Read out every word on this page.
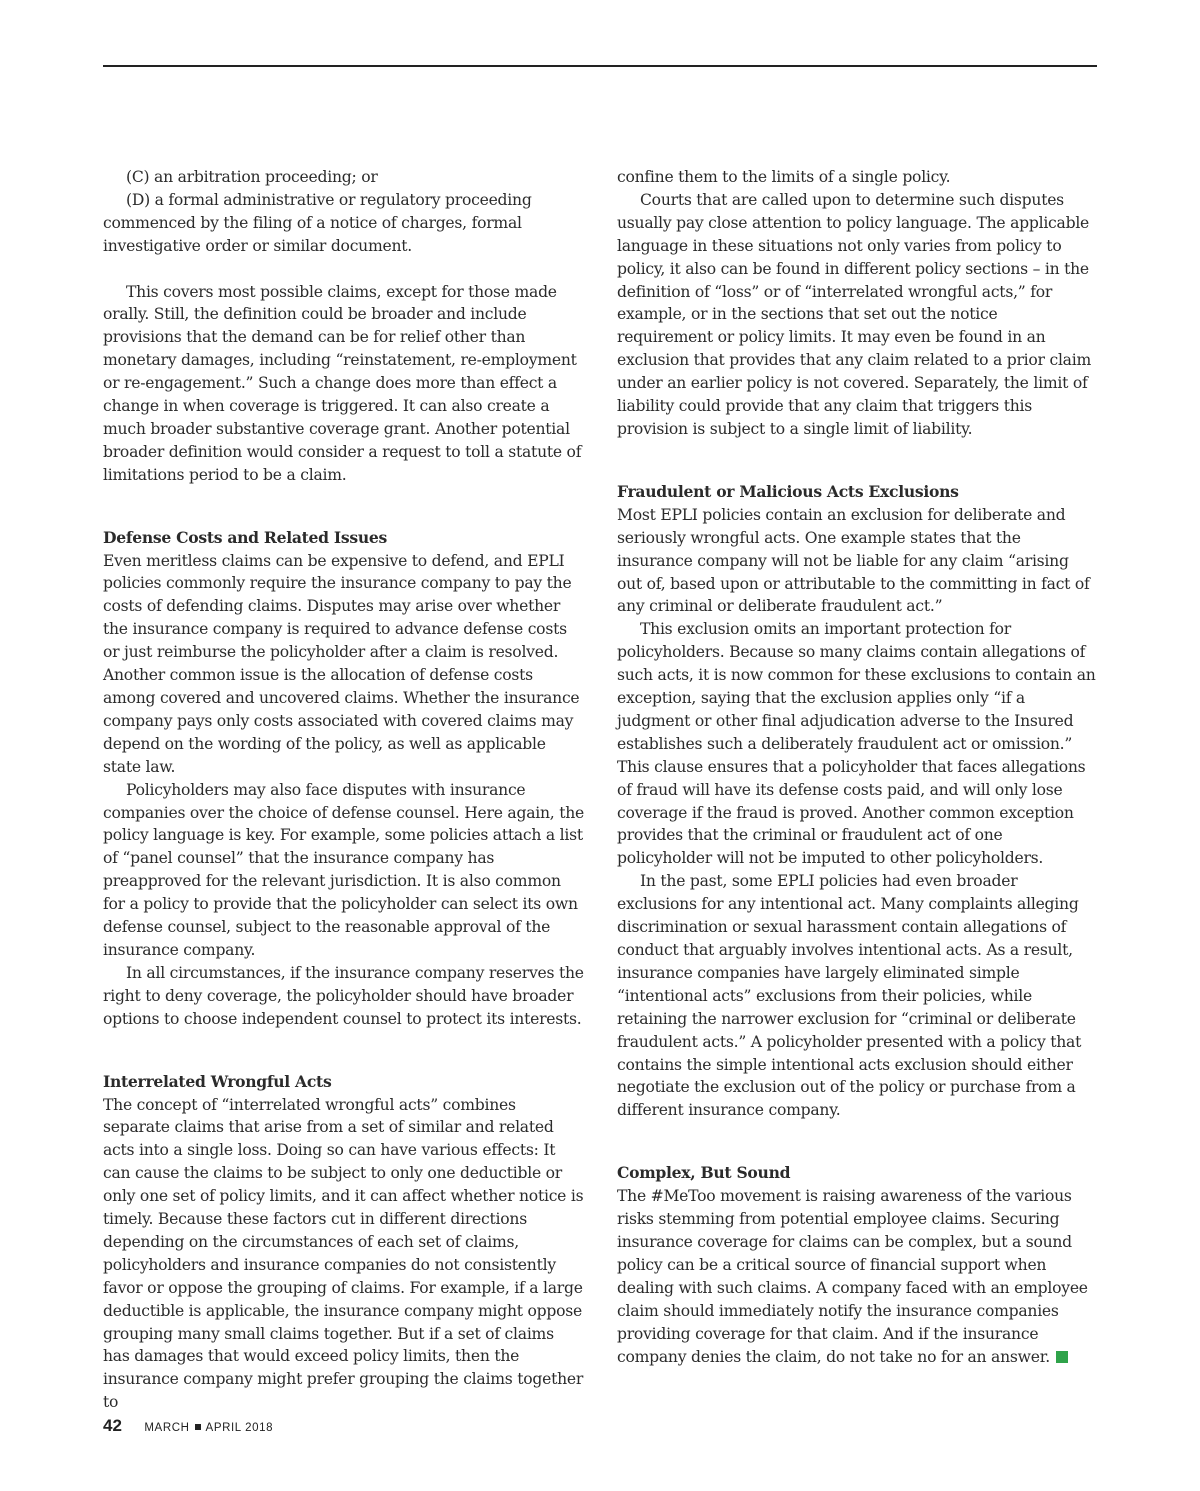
(C) an arbitration proceeding; or

(D) a formal administrative or regulatory proceeding commenced by the filing of a notice of charges, formal investigative order or similar document.

This covers most possible claims, except for those made orally. Still, the definition could be broader and include provisions that the demand can be for relief other than monetary damages, including “reinstatement, re-employment or re-engagement.” Such a change does more than effect a change in when coverage is triggered. It can also create a much broader substantive coverage grant. Another potential broader definition would consider a request to toll a statute of limitations period to be a claim.

Defense Costs and Related Issues

Even meritless claims can be expensive to defend, and EPLI policies commonly require the insurance company to pay the costs of defending claims. Disputes may arise over whether the insurance company is required to advance defense costs or just reimburse the policyholder after a claim is resolved. Another common issue is the allocation of defense costs among covered and uncovered claims. Whether the insurance company pays only costs associated with covered claims may depend on the wording of the policy, as well as applicable state law.

Policyholders may also face disputes with insurance companies over the choice of defense counsel. Here again, the policy language is key. For example, some policies attach a list of “panel counsel” that the insurance company has preapproved for the relevant jurisdiction. It is also common for a policy to provide that the policyholder can select its own defense counsel, subject to the reasonable approval of the insurance company.

In all circumstances, if the insurance company reserves the right to deny coverage, the policyholder should have broader options to choose independent counsel to protect its interests.

Interrelated Wrongful Acts

The concept of “interrelated wrongful acts” combines separate claims that arise from a set of similar and related acts into a single loss. Doing so can have various effects: It can cause the claims to be subject to only one deductible or only one set of policy limits, and it can affect whether notice is timely. Because these factors cut in different directions depending on the circumstances of each set of claims, policyholders and insurance companies do not consistently favor or oppose the grouping of claims. For example, if a large deductible is applicable, the insurance company might oppose grouping many small claims together. But if a set of claims has damages that would exceed policy limits, then the insurance company might prefer grouping the claims together to

confine them to the limits of a single policy.

Courts that are called upon to determine such disputes usually pay close attention to policy language. The applicable language in these situations not only varies from policy to policy, it also can be found in different policy sections – in the definition of “loss” or of “interrelated wrongful acts,” for example, or in the sections that set out the notice requirement or policy limits. It may even be found in an exclusion that provides that any claim related to a prior claim under an earlier policy is not covered. Separately, the limit of liability could provide that any claim that triggers this provision is subject to a single limit of liability.

Fraudulent or Malicious Acts Exclusions

Most EPLI policies contain an exclusion for deliberate and seriously wrongful acts. One example states that the insurance company will not be liable for any claim “arising out of, based upon or attributable to the committing in fact of any criminal or deliberate fraudulent act.”

This exclusion omits an important protection for policyholders. Because so many claims contain allegations of such acts, it is now common for these exclusions to contain an exception, saying that the exclusion applies only “if a judgment or other final adjudication adverse to the Insured establishes such a deliberately fraudulent act or omission.” This clause ensures that a policyholder that faces allegations of fraud will have its defense costs paid, and will only lose coverage if the fraud is proved. Another common exception provides that the criminal or fraudulent act of one policyholder will not be imputed to other policyholders.

In the past, some EPLI policies had even broader exclusions for any intentional act. Many complaints alleging discrimination or sexual harassment contain allegations of conduct that arguably involves intentional acts. As a result, insurance companies have largely eliminated simple “intentional acts” exclusions from their policies, while retaining the narrower exclusion for “criminal or deliberate fraudulent acts.” A policyholder presented with a policy that contains the simple intentional acts exclusion should either negotiate the exclusion out of the policy or purchase from a different insurance company.

Complex, But Sound

The #MeToo movement is raising awareness of the various risks stemming from potential employee claims. Securing insurance coverage for claims can be complex, but a sound policy can be a critical source of financial support when dealing with such claims. A company faced with an employee claim should immediately notify the insurance companies providing coverage for that claim. And if the insurance company denies the claim, do not take no for an answer.

42 MARCH APRIL 2018
